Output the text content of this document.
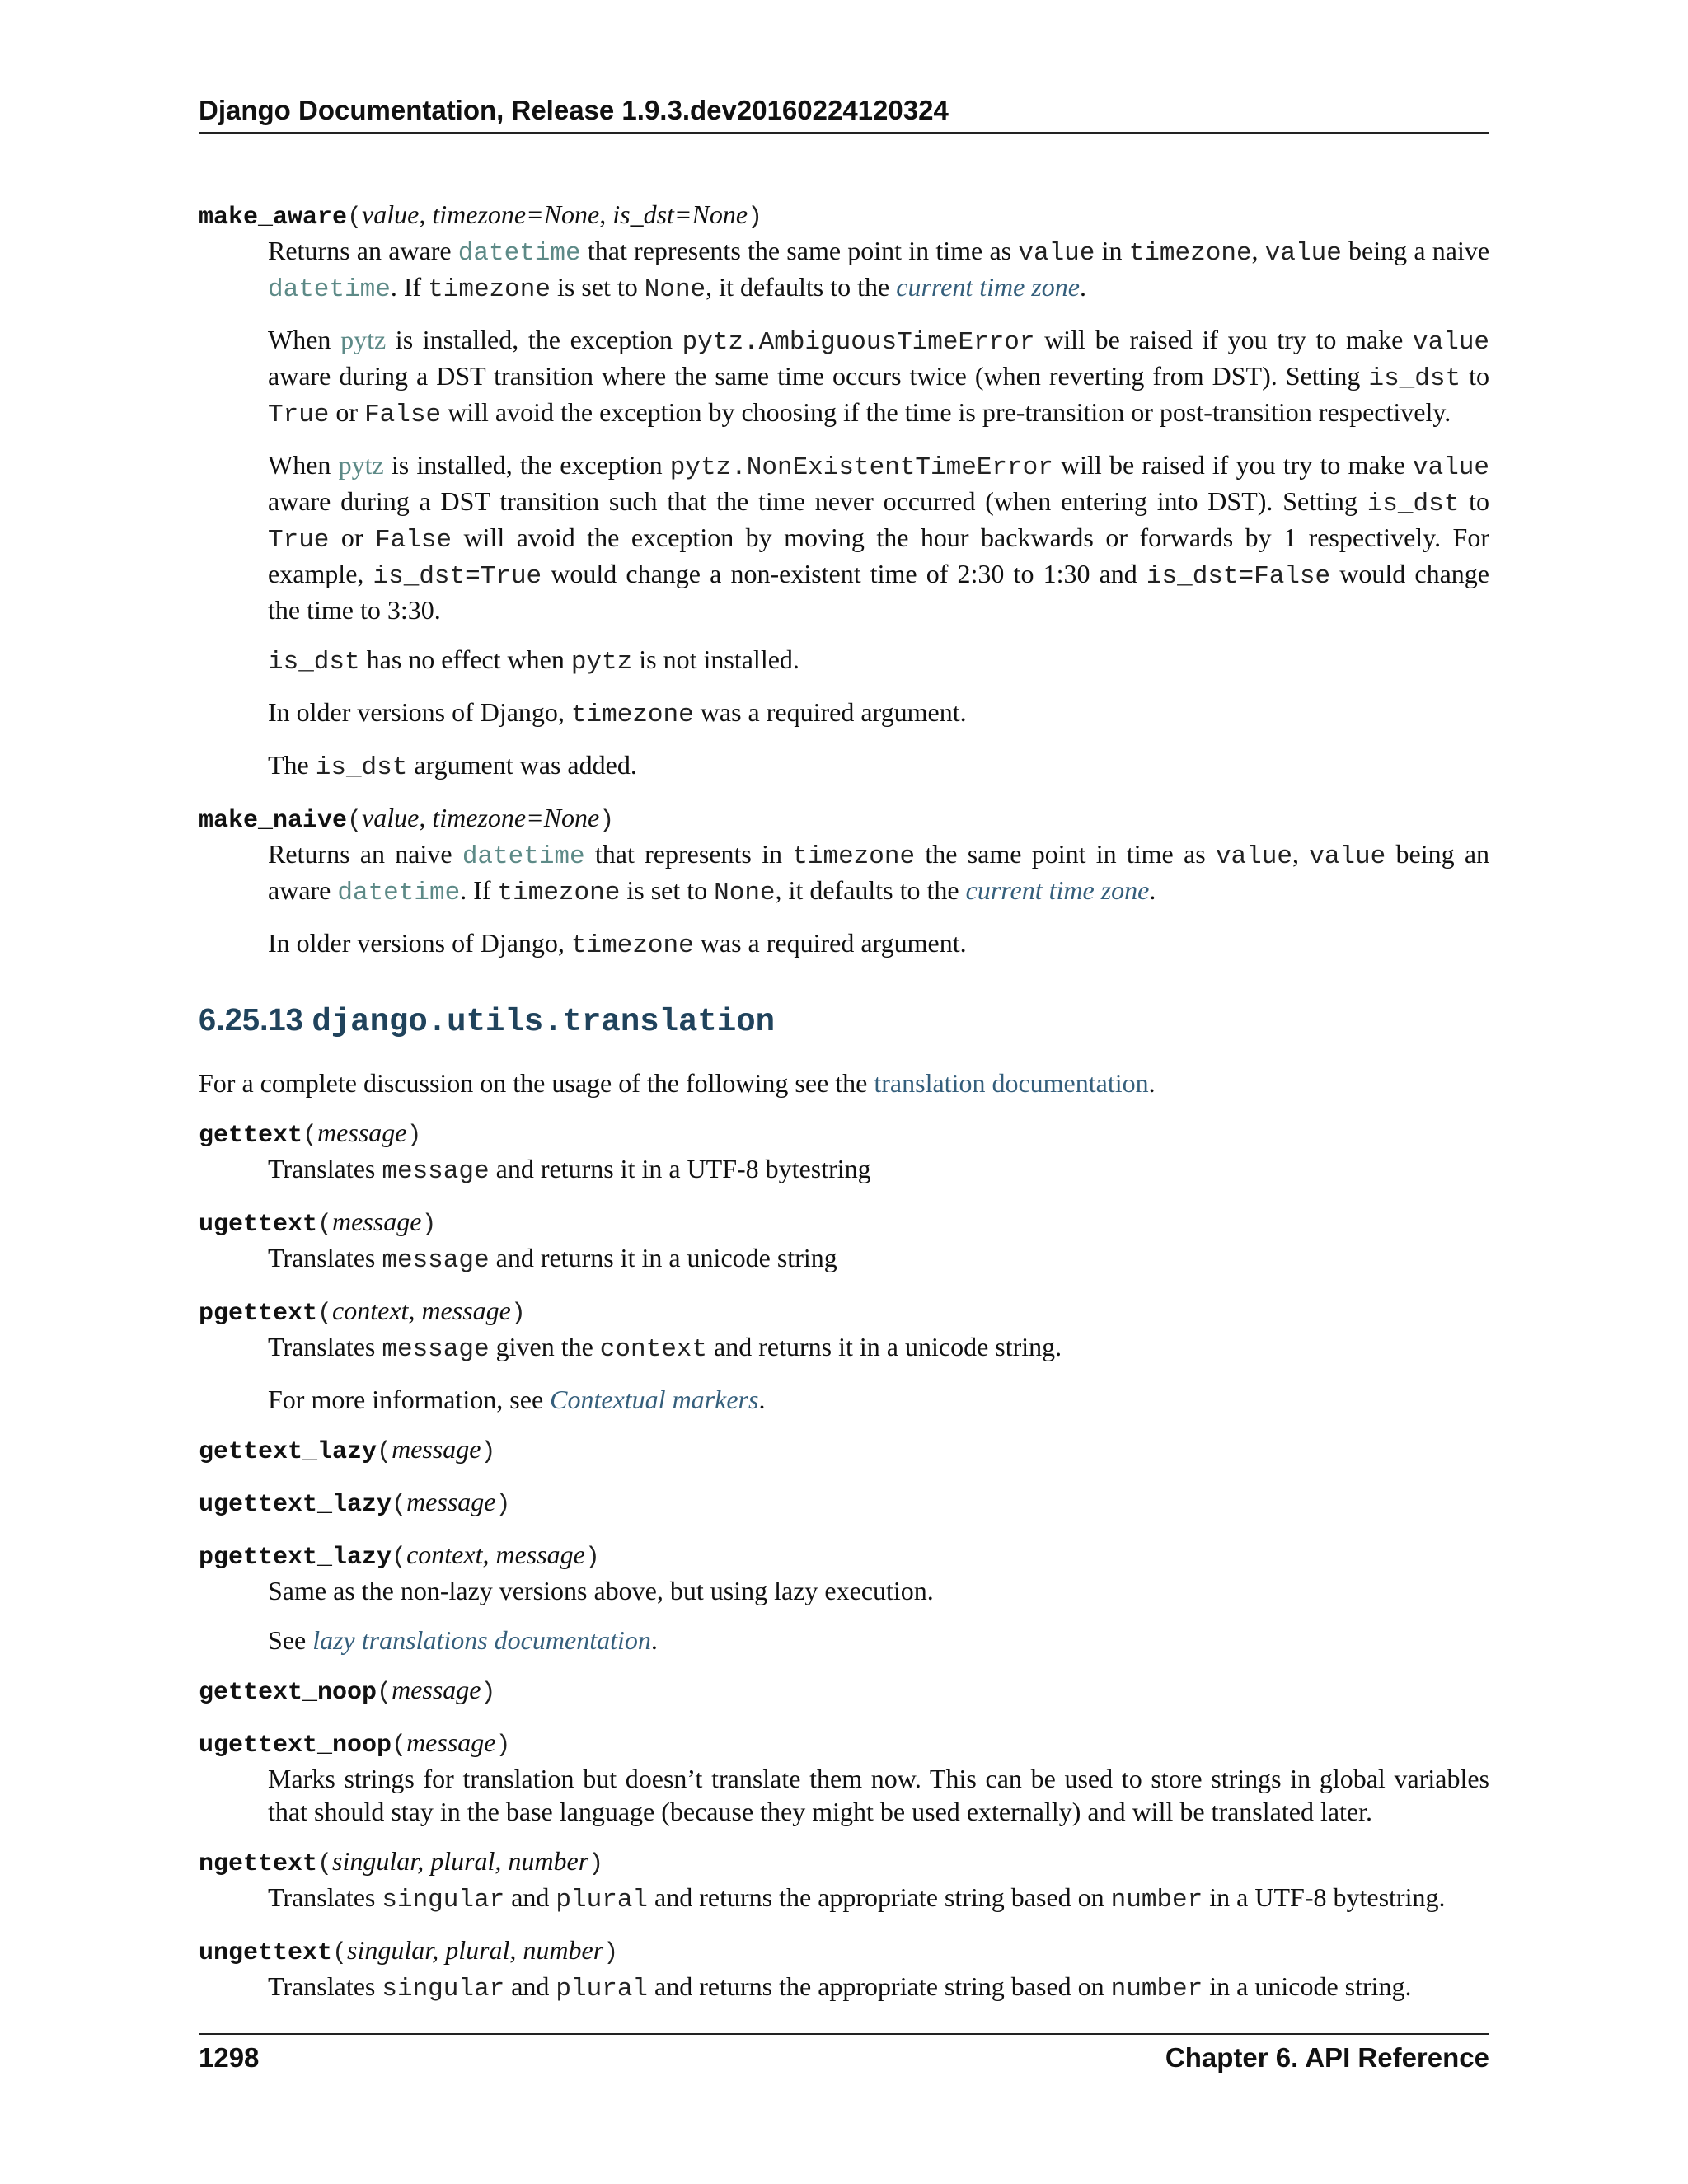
Django Documentation, Release 1.9.3.dev20160224120324
make_aware(value, timezone=None, is_dst=None)

Returns an aware datetime that represents the same point in time as value in timezone, value being a naive datetime. If timezone is set to None, it defaults to the current time zone.

When pytz is installed, the exception pytz.AmbiguousTimeError will be raised if you try to make value aware during a DST transition where the same time occurs twice (when reverting from DST). Setting is_dst to True or False will avoid the exception by choosing if the time is pre-transition or post-transition respectively.

When pytz is installed, the exception pytz.NonExistentTimeError will be raised if you try to make value aware during a DST transition such that the time never occurred (when entering into DST). Setting is_dst to True or False will avoid the exception by moving the hour backwards or forwards by 1 respectively. For example, is_dst=True would change a non-existent time of 2:30 to 1:30 and is_dst=False would change the time to 3:30.

is_dst has no effect when pytz is not installed.

In older versions of Django, timezone was a required argument.

The is_dst argument was added.

make_naive(value, timezone=None)

Returns an naive datetime that represents in timezone the same point in time as value, value being an aware datetime. If timezone is set to None, it defaults to the current time zone.

In older versions of Django, timezone was a required argument.

6.25.13 django.utils.translation

For a complete discussion on the usage of the following see the translation documentation.

gettext(message)

Translates message and returns it in a UTF-8 bytestring

ugettext(message)

Translates message and returns it in a unicode string

pgettext(context, message)

Translates message given the context and returns it in a unicode string.

For more information, see Contextual markers.

gettext_lazy(message)
ugettext_lazy(message)
pgettext_lazy(context, message)

Same as the non-lazy versions above, but using lazy execution.

See lazy translations documentation.

gettext_noop(message)
ugettext_noop(message)

Marks strings for translation but doesn’t translate them now. This can be used to store strings in global variables that should stay in the base language (because they might be used externally) and will be translated later.

ngettext(singular, plural, number)

Translates singular and plural and returns the appropriate string based on number in a UTF-8 bytestring.

ungettext(singular, plural, number)

Translates singular and plural and returns the appropriate string based on number in a unicode string.

1298	Chapter 6. API Reference
